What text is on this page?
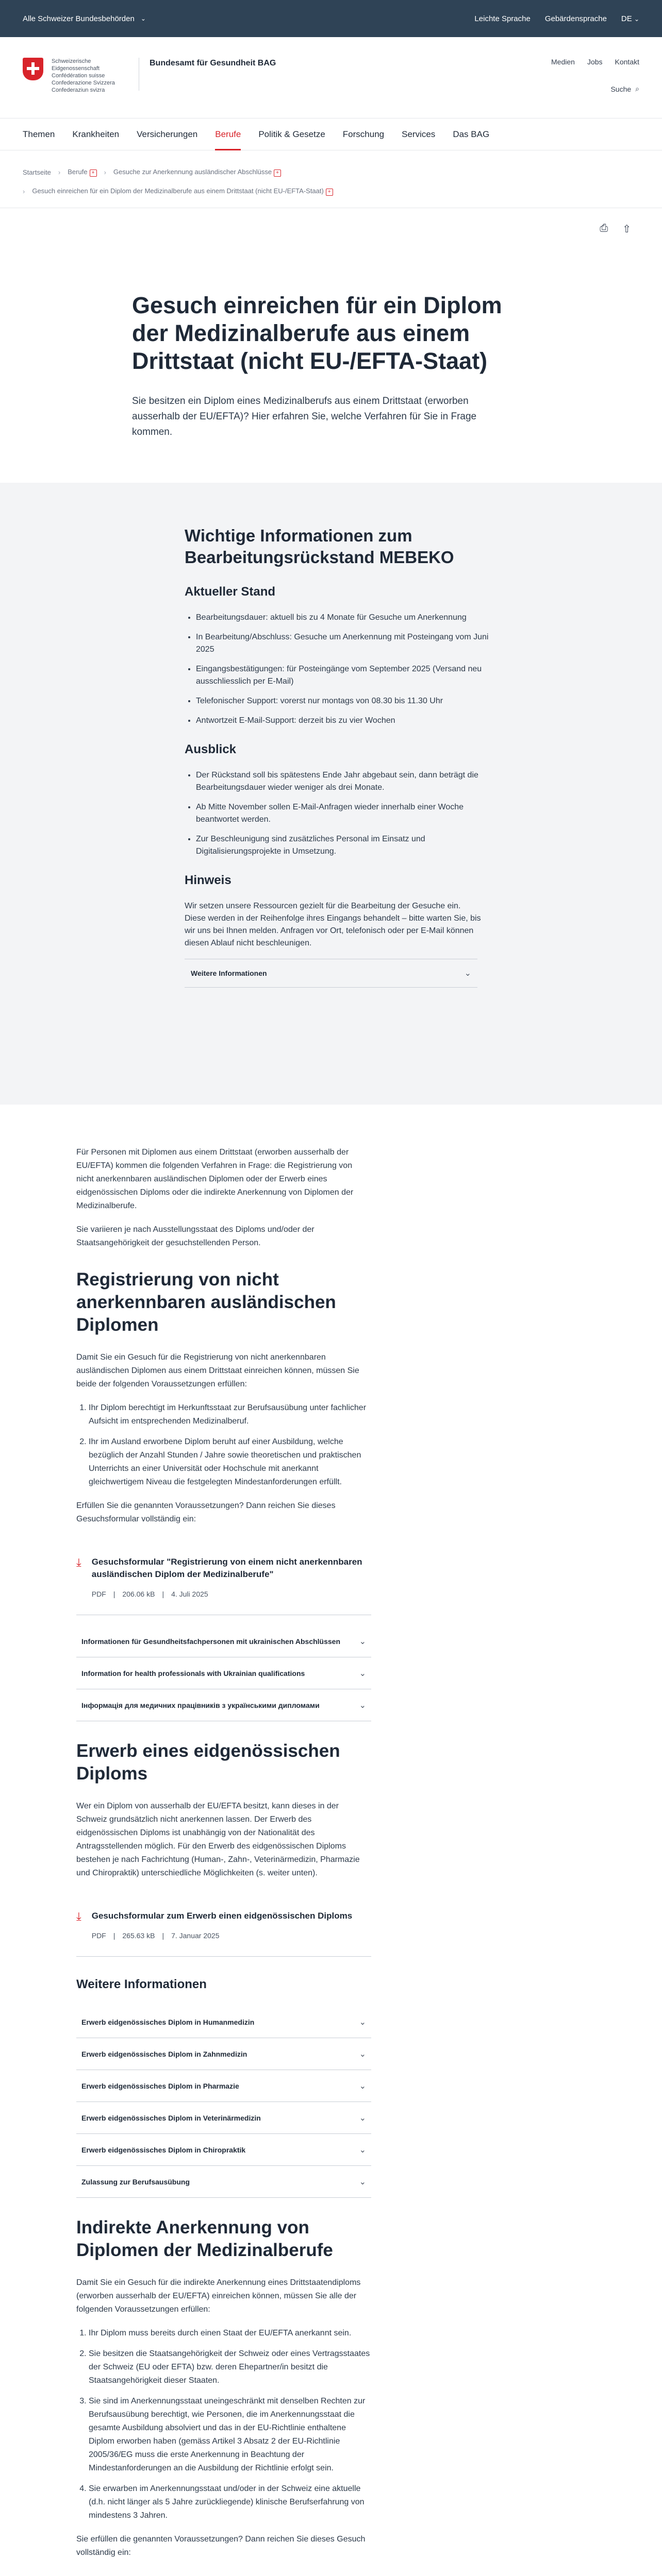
Alle Schweizer Bundesbehörden ⌄	Leichte Sprache Gebärdensprache DE ⌄
Schweizerische Eidgenossenschaft
Confédération suisse
Confederazione Svizzera
Confederaziun svizra
Bundesamt für Gesundheit BAG	Medien Jobs Kontakt
Suche ⌕
Themen Krankheiten Versicherungen Berufe Politik & Gesetze Forschung Services Das BAG
Startseite › Berufe +	› Gesuche zur Anerkennung ausländischer Abschlüsse +
› Gesuch einreichen für ein Diplom der Medizinalberufe aus einem Drittstaat (nicht EU-/EFTA-Staat) +
⎙ ⇧
Gesuch einreichen für ein Diplom der Medizinalberufe aus einem Drittstaat (nicht EU-/EFTA-Staat)

Sie besitzen ein Diplom eines Medizinalberufs aus einem Drittstaat (erworben ausserhalb der EU/EFTA)? Hier erfahren Sie, welche Verfahren für Sie in Frage kommen.

Wichtige Informationen zum Bearbeitungsrückstand MEBEKO
Aktueller Stand
• Bearbeitungsdauer: aktuell bis zu 4 Monate für Gesuche um Anerkennung
• In Bearbeitung/Abschluss: Gesuche um Anerkennung mit Posteingang vom Juni 2025
• Eingangsbestätigungen: für Posteingänge vom September 2025 (Versand neu ausschliesslich per E-Mail)
• Telefonischer Support: vorerst nur montags von 08.30 bis 11.30 Uhr
• Antwortzeit E-Mail-Support: derzeit bis zu vier Wochen
Ausblick
• Der Rückstand soll bis spätestens Ende Jahr abgebaut sein, dann beträgt die Bearbeitungsdauer wieder weniger als drei Monate.
• Ab Mitte November sollen E-Mail-Anfragen wieder innerhalb einer Woche beantwortet werden.
• Zur Beschleunigung sind zusätzliches Personal im Einsatz und Digitalisierungsprojekte in Umsetzung.
Hinweis

Wir setzen unsere Ressourcen gezielt für die Bearbeitung der Gesuche ein. Diese werden in der Reihenfolge ihres Eingangs behandelt – bitte warten Sie, bis wir uns bei Ihnen melden. Anfragen vor Ort, telefonisch oder per E-Mail können diesen Ablauf nicht beschleunigen.

Weitere Informationen	⌄

Für Personen mit Diplomen aus einem Drittstaat (erworben ausserhalb der EU/EFTA) kommen die folgenden Verfahren in Frage: die Registrierung von nicht anerkennbaren ausländischen Diplomen oder der Erwerb eines eidgenössischen Diploms oder die indirekte Anerkennung von Diplomen der Medizinalberufe.

Sie variieren je nach Ausstellungsstaat des Diploms und/oder der Staatsangehörigkeit der gesuchstellenden Person.

Registrierung von nicht anerkennbaren ausländischen Diplomen

Damit Sie ein Gesuch für die Registrierung von nicht anerkennbaren ausländischen Diplomen aus einem Drittstaat einreichen können, müssen Sie beide der folgenden Voraussetzungen erfüllen:

1. Ihr Diplom berechtigt im Herkunftsstaat zur Berufsausübung unter fachlicher Aufsicht im entsprechenden Medizinalberuf.
2. Ihr im Ausland erworbene Diplom beruht auf einer Ausbildung, welche bezüglich der Anzahl Stunden / Jahre sowie theoretischen und praktischen Unterrichts an einer Universität oder Hochschule mit anerkannt gleichwertigem Niveau die festgelegten Mindestanforderungen erfüllt.

Erfüllen Sie die genannten Voraussetzungen? Dann reichen Sie dieses Gesuchsformular vollständig ein:

⤓ Gesuchsformular "Registrierung von einem nicht anerkennbaren ausländischen Diplom der Medizinalberufe"
PDF | 206.06 kB | 4. Juli 2025
Informationen für Gesundheitsfachpersonen mit ukrainischen Abschlüssen ⌄
Information for health professionals with Ukrainian qualifications	⌄
Інформація для медичних працівників з українськими дипломами	⌄
Erwerb eines eidgenössischen Diploms

Wer ein Diplom von ausserhalb der EU/EFTA besitzt, kann dieses in der Schweiz grundsätzlich nicht anerkennen lassen. Der Erwerb des eidgenössischen Diploms ist unabhängig von der Nationalität des Antragsstellenden möglich. Für den Erwerb des eidgenössischen Diploms bestehen je nach Fachrichtung (Human-, Zahn-, Veterinärmedizin, Pharmazie und Chiropraktik) unterschiedliche Möglichkeiten (s. weiter unten).

⤓ Gesuchsformular zum Erwerb einen eidgenössischen Diploms
PDF | 265.63 kB | 7. Januar 2025
Weitere Informationen
Erwerb eidgenössisches Diplom in Humanmedizin	⌄
Erwerb eidgenössisches Diplom in Zahnmedizin	⌄
Erwerb eidgenössisches Diplom in Pharmazie	⌄
Erwerb eidgenössisches Diplom in Veterinärmedizin	⌄
Erwerb eidgenössisches Diplom in Chiropraktik	⌄
Zulassung zur Berufsausübung	⌄
Indirekte Anerkennung von Diplomen der Medizinalberufe

Damit Sie ein Gesuch für die indirekte Anerkennung eines Drittstaatendiploms (erworben ausserhalb der EU/EFTA) einreichen können, müssen Sie alle der folgenden Voraussetzungen erfüllen:

1. Ihr Diplom muss bereits durch einen Staat der EU/EFTA anerkannt sein.
2. Sie besitzen die Staatsangehörigkeit der Schweiz oder eines Vertragsstaates der Schweiz (EU oder EFTA) bzw. deren Ehepartner/in besitzt die Staatsangehörigkeit dieser Staaten.
3. Sie sind im Anerkennungsstaat uneingeschränkt mit denselben Rechten zur Berufsausübung berechtigt, wie Personen, die im Anerkennungsstaat die gesamte Ausbildung absolviert und das in der EU-Richtlinie enthaltene Diplom erworben haben (gemäss Artikel 3 Absatz 2 der EU-Richtlinie 2005/36/EG muss die erste Anerkennung in Beachtung der Mindestanforderungen an die Ausbildung der Richtlinie erfolgt sein.
4. Sie erwarben im Anerkennungsstaat und/oder in der Schweiz eine aktuelle (d.h. nicht länger als 5 Jahre zurückliegende) klinische Berufserfahrung von mindestens 3 Jahren.

Sie erfüllen die genannten Voraussetzungen? Dann reichen Sie dieses Gesuch vollständig ein:
